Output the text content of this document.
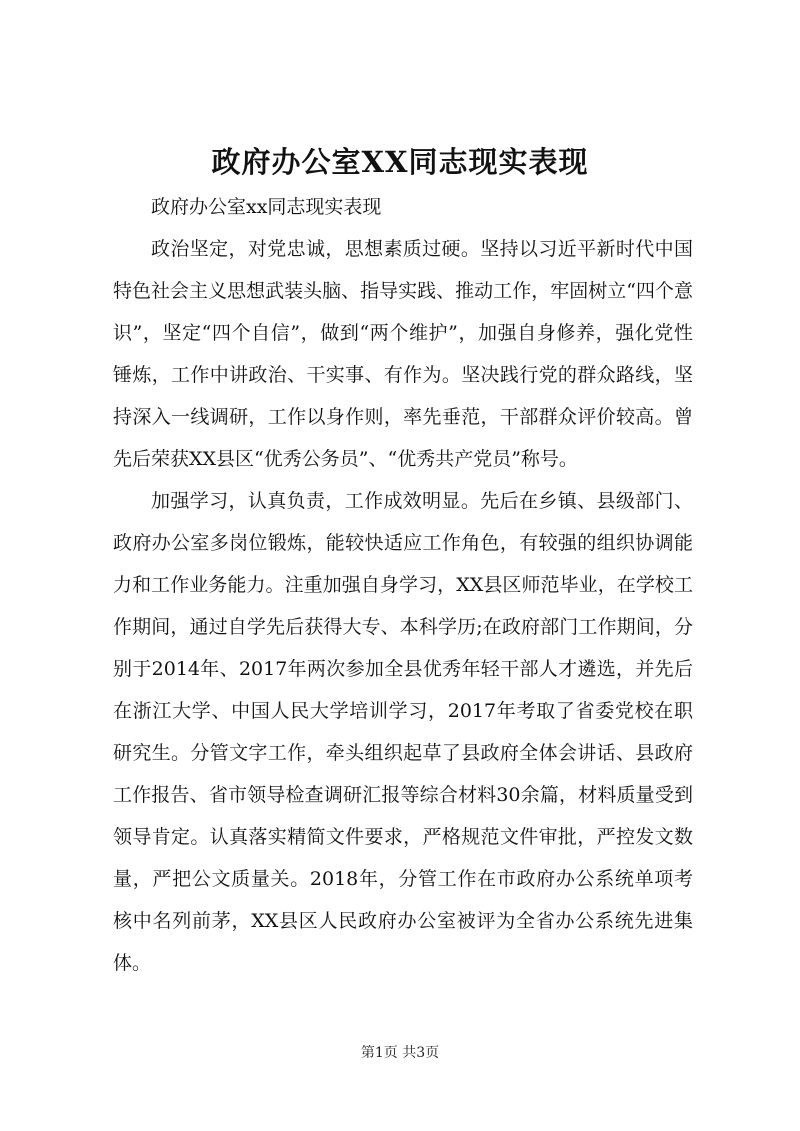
政府办公室XX同志现实表现

政府办公室xx同志现实表现

政治坚定，对党忠诚，思想素质过硬。坚持以习近平新时代中国特色社会主义思想武装头脑、指导实践、推动工作，牢固树立“四个意识”，坚定“四个自信”，做到“两个维护”，加强自身修养，强化党性锤炼，工作中讲政治、干实事、有作为。坚决践行党的群众路线，坚持深入一线调研，工作以身作则，率先垂范，干部群众评价较高。曾先后荣获XX县区“优秀公务员”、“优秀共产党员”称号。

加强学习，认真负责，工作成效明显。先后在乡镇、县级部门、政府办公室多岗位锻炼，能较快适应工作角色，有较强的组织协调能力和工作业务能力。注重加强自身学习，XX县区师范毕业，在学校工作期间，通过自学先后获得大专、本科学历;在政府部门工作期间，分别于2014年、2017年两次参加全县优秀年轻干部人才遴选，并先后在浙江大学、中国人民大学培训学习，2017年考取了省委党校在职研究生。分管文字工作，牵头组织起草了县政府全体会讲话、县政府工作报告、省市领导检查调研汇报等综合材料30余篇，材料质量受到领导肯定。认真落实精简文件要求，严格规范文件审批，严控发文数量，严把公文质量关。2018年，分管工作在市政府办公系统单项考核中名列前茅，XX县区人民政府办公室被评为全省办公系统先进集体。

第1页 共3页
